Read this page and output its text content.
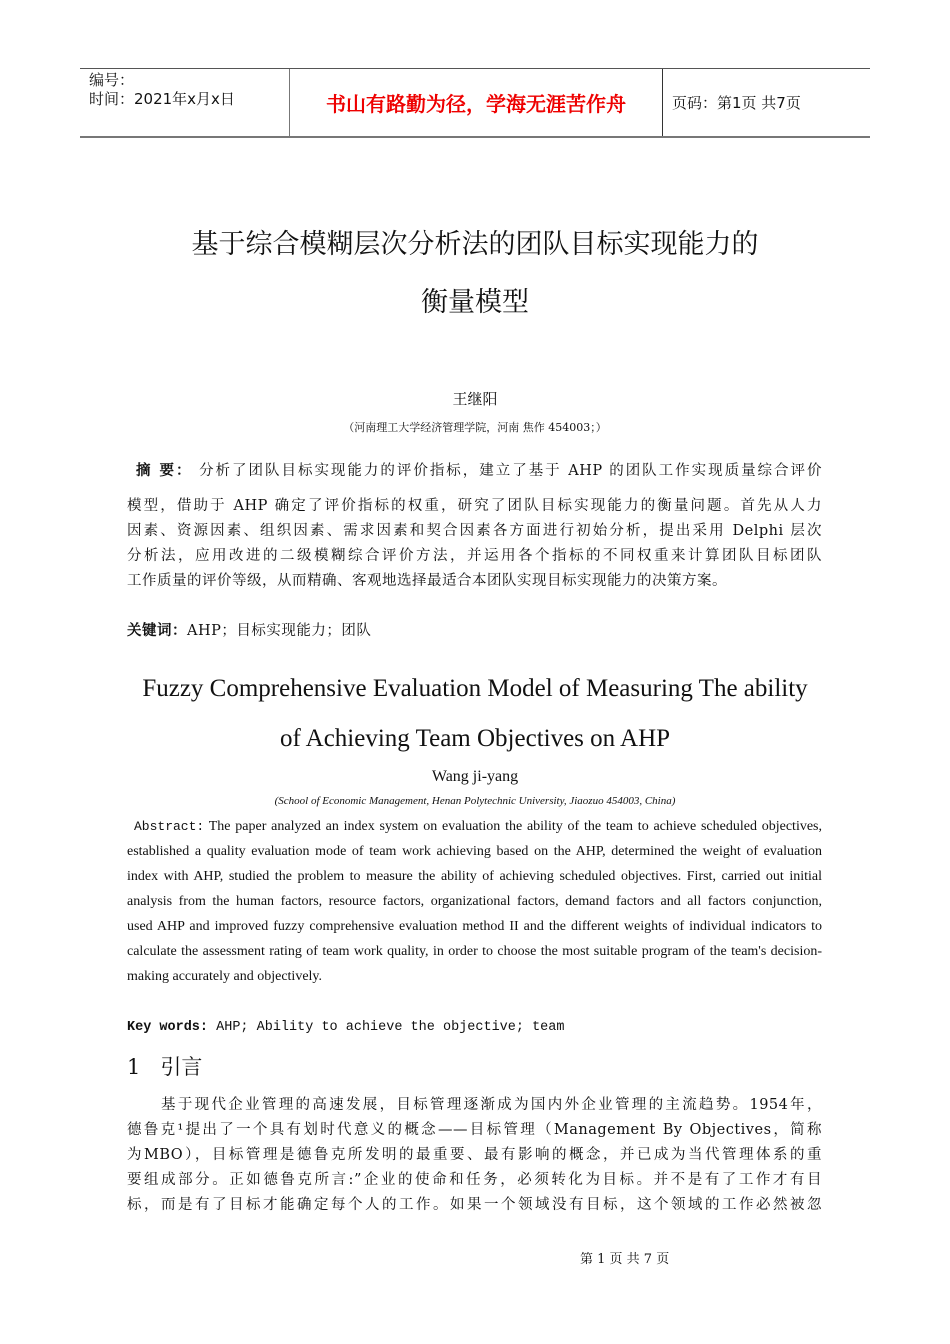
编号：
时间：2021年x月x日	书山有路勤为径，学海无涯苦作舟	页码：第1页 共7页
基于综合模糊层次分析法的团队目标实现能力的
衡量模型
王继阳
（河南理工大学经济管理学院，河南 焦作 454003；）
摘 要： 分析了团队目标实现能力的评价指标，建立了基于 AHP 的团队工作实现质量综合评价
模型，借助于 AHP 确定了评价指标的权重，研究了团队目标实现能力的衡量问题。首先从人力
因素、资源因素、组织因素、需求因素和契合因素各方面进行初始分析，提出采用 Delphi 层次
分析法，应用改进的二级模糊综合评价方法，并运用各个指标的不同权重来计算团队目标团队
工作质量的评价等级，从而精确、客观地选择最适合本团队实现目标实现能力的决策方案。
关键词：AHP；目标实现能力；团队
Fuzzy Comprehensive Evaluation Model of Measuring The ability
of Achieving Team Objectives on AHP
Wang ji-yang
(School of Economic Management, Henan Polytechnic University, Jiaozuo 454003, China)
Abstract: The paper analyzed an index system on evaluation the ability of the team to achieve scheduled objectives,
established a quality evaluation mode of team work achieving based on the AHP, determined the weight of evaluation
index with AHP, studied the problem to measure the ability of achieving scheduled objectives. First, carried out initial
analysis from the human factors, resource factors, organizational factors, demand factors and all factors conjunction,
used AHP and improved fuzzy comprehensive evaluation method II and the different weights of individual indicators to
calculate the assessment rating of team work quality, in order to choose the most suitable program of the team's decision-
making accurately and objectively.
Key words: AHP; Ability to achieve the objective; team
1 引言
基于现代企业管理的高速发展，目标管理逐渐成为国内外企业管理的主流趋势。1954年，
德鲁克¹提出了一个具有划时代意义的概念——目标管理（Management By Objectives，简称
为MBO），目标管理是德鲁克所发明的最重要、最有影响的概念，并已成为当代管理体系的重
要组成部分。正如德鲁克所言:”企业的使命和任务，必须转化为目标。并不是有了工作才有目
标，而是有了目标才能确定每个人的工作。如果一个领域没有目标，这个领域的工作必然被忽
第 1 页 共 7 页
